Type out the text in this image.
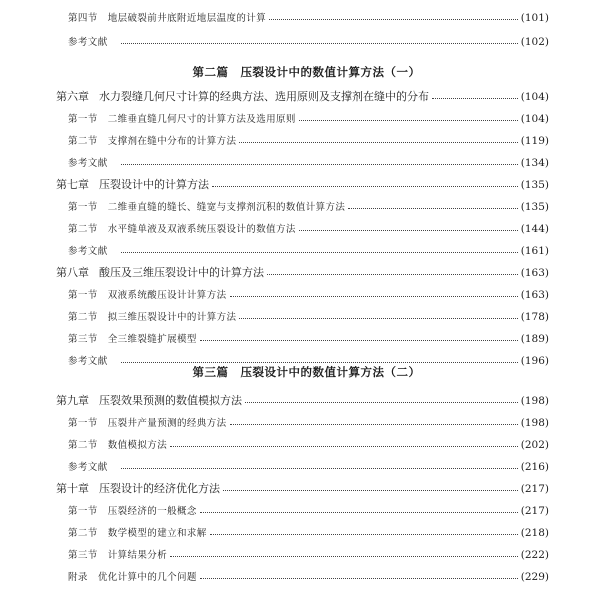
第四节 地层破裂前井底附近地层温度的计算	(101)
参考文献	(102)
第二篇 压裂设计中的数值计算方法（一）
第六章 水力裂缝几何尺寸计算的经典方法、选用原则及支撑剂在缝中的分布	(104)
第一节 二维垂直缝几何尺寸的计算方法及选用原则	(104)
第二节 支撑剂在缝中分布的计算方法	(119)
参考文献	(134)
第七章 压裂设计中的计算方法	(135)
第一节 二维垂直缝的缝长、缝宽与支撑剂沉积的数值计算方法	(135)
第二节 水平缝单液及双液系统压裂设计的数值方法	(144)
参考文献	(161)
第八章 酸压及三维压裂设计中的计算方法	(163)
第一节 双液系统酸压设计计算方法	(163)
第二节 拟三维压裂设计中的计算方法	(178)
第三节 全三维裂缝扩展模型	(189)
参考文献	(196)
第三篇 压裂设计中的数值计算方法（二）
第九章 压裂效果预测的数值模拟方法	(198)
第一节 压裂井产量预测的经典方法	(198)
第二节 数值模拟方法	(202)
参考文献	(216)
第十章 压裂设计的经济优化方法	(217)
第一节 压裂经济的一般概念	(217)
第二节 数学模型的建立和求解	(218)
第三节 计算结果分析	(222)
附录 优化计算中的几个问题	(229)
